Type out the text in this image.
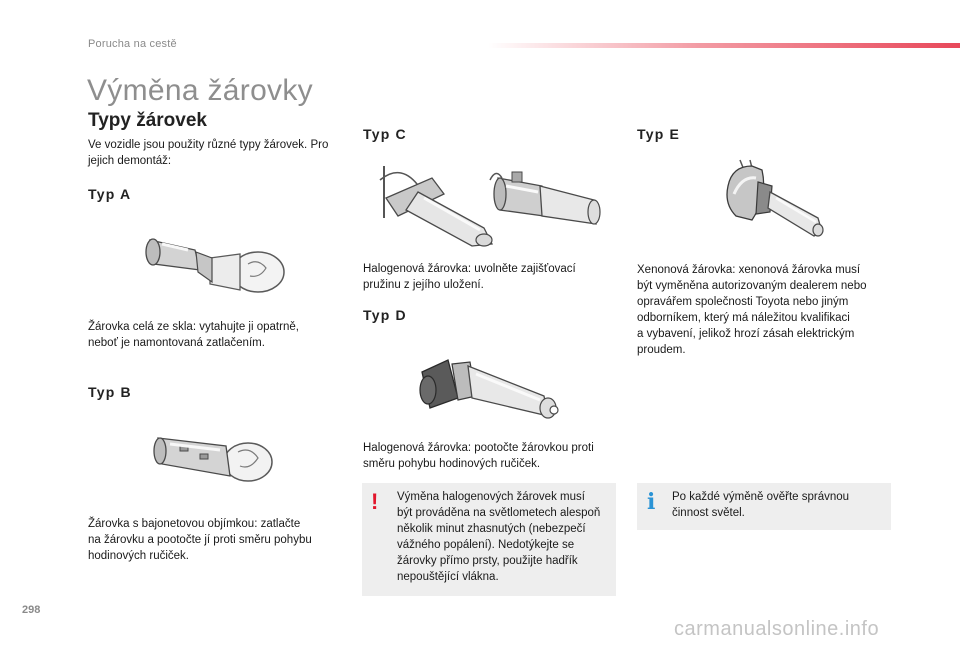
Porucha na cestě
Výměna žárovky
Typy žárovek
Ve vozidle jsou použity různé typy žárovek. Pro
jejich demontáž:
Typ A
Žárovka celá ze skla: vytahujte ji opatrně,
neboť je namontovaná zatlačením.
Typ B
Žárovka s bajonetovou objímkou: zatlačte
na žárovku a pootočte jí proti směru pohybu
hodinových ručiček.
Typ C
Halogenová žárovka: uvolněte zajišťovací
pružinu z jejího uložení.
Typ D
Halogenová žárovka: pootočte žárovkou proti
směru pohybu hodinových ručiček.
! Výměna halogenových žárovek musí
být prováděna na světlometech alespoň
několik minut zhasnutých (nebezpečí
vážného popálení). Nedotýkejte se
žárovky přímo prsty, použijte hadřík
nepouštějící vlákna.
Typ E
Xenonová žárovka: xenonová žárovka musí
být vyměněna autorizovaným dealerem nebo
opravářem společnosti Toyota nebo jiným
odborníkem, který má náležitou kvalifikaci
a vybavení, jelikož hrozí zásah elektrickým
proudem.
i Po každé výměně ověřte správnou
činnost světel.
298
carmanualsonline.info
